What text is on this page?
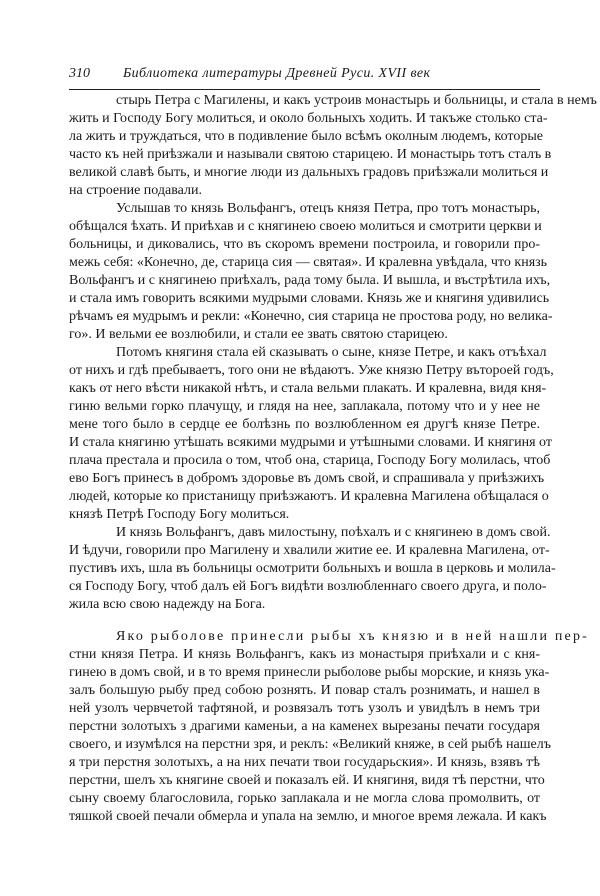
310 Библиотека литературы Древней Руси. XVII век
стырь Петра с Магилены, и какъ устроив монастырь и больницы, и стала в немъ
жить и Господу Богу молиться, и около больныхъ ходить. И такъже столько ста-
ла жить и труждаться, что в подивление было всѣмъ околным людемъ, которые
часто къ ней приѣзжали и называли святою старицею. И монастырь тотъ сталъ в
великой славѣ быть, и многие люди из дальныхъ градовъ приѣзжали молиться и
на строение подавали.
Услышав то князь Вольфангъ, отецъ князя Петра, про тотъ монастырь,
обѣщался ѣхать. И приѣхав и с княгинею своею молиться и смотрити церкви и
больницы, и диковались, что въ скоромъ времени построила, и говорили про-
межь себя: «Конечно, де, старица сия — святая». И кралевна увѣдала, что князь
Вольфангъ и с княгинею приѣхалъ, рада тому была. И вышла, и въстрѣтила ихъ,
и стала имъ говорить всякими мудрыми словами. Князь же и княгиня удивились
рѣчамъ ея мудрымъ и рекли: «Конечно, сия старица не простова роду, но велика-
го». И вельми ее возлюбили, и стали ее звать святою старицею.
Потомъ княгиня стала ей сказывать о сыне, князе Петре, и какъ отъѣхал
от нихъ и гдѣ пребываетъ, того они не вѣдаютъ. Уже князю Петру вътороей годъ,
какъ от него вѣсти никакой нѣтъ, и стала вельми плакать. И кралевна, видя кня-
гиню вельми горко плачущу, и глядя на нее, заплакала, потому что и у нее не
мене того было в сердце ее болѣзнь по возлюбленном ея другѣ князе Петре.
И стала княгиню утѣшать всякими мудрыми и утѣшными словами. И княгиня от
плача престала и просила о том, чтоб она, старица, Господу Богу молилась, чтоб
ево Богъ принесъ в добромъ здоровье въ домъ свой, и спрашивала у приѣзжихъ
людей, которые ко пристанищу приѣзжаютъ. И кралевна Магилена обѣщалася о
князѣ Петрѣ Господу Богу молиться.
И князь Вольфангъ, давъ милостыну, поѣхалъ и с княгинею в домъ свой.
И ѣдучи, говорили про Магилену и хвалили житие ее. И кралевна Магилена, от-
пустивъ ихъ, шла въ больницы осмотрити больныхъ и вошла в церковь и молила-
ся Господу Богу, чтоб далъ ей Богъ видѣти возлюбленнаго своего друга, и поло-
жила всю свою надежду на Бога.
Яко рыболове принесли рыбы хъ князю и в ней нашли пер-
стни князя Петра. И князь Вольфангъ, какъ из монастыря приѣхали и с кня-
гинею в домъ свой, и в то время принесли рыболове рыбы морские, и князь ука-
залъ большую рыбу пред собою рознять. И повар сталъ рознимать, и нашел в
ней узолъ червчетой тафтяной, и розвязалъ тотъ узолъ и увидѣлъ в немъ три
перстни золотыхъ з драгими каменьи, а на каменех вырезаны печати государя
своего, и изумѣлся на перстни зря, и реклъ: «Великий княже, в сей рыбѣ нашелъ
я три перстня золотыхъ, а на них печати твои государьския». И князь, взявъ тѣ
перстни, шелъ хъ княгине своей и показалъ ей. И княгиня, видя тѣ перстни, что
сыну своему благословила, горько заплакала и не могла слова промолвить, от
тяшкой своей печали обмерла и упала на землю, и многое время лежала. И какъ
